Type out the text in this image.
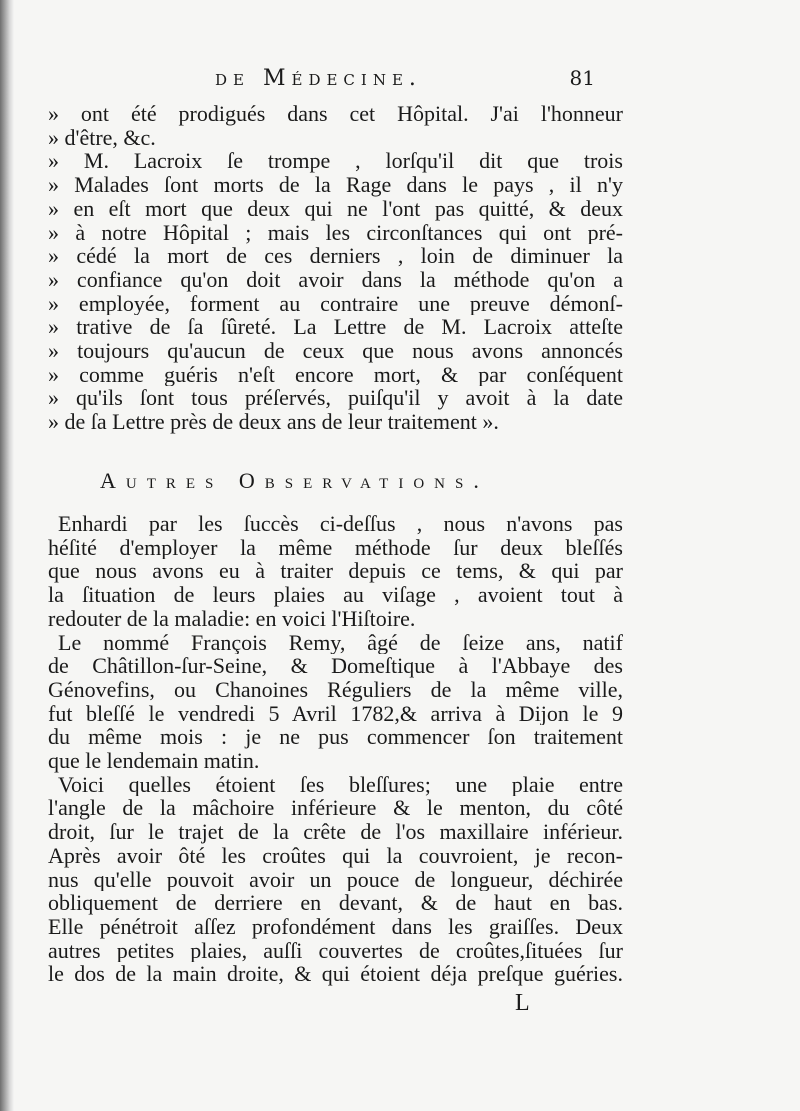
de Médecine.	81
» ont été prodigués dans cet Hôpital. J'ai l'honneur
» d'être, &c.
» M. Lacroix ſe trompe , lorſqu'il dit que trois
» Malades ſont morts de la Rage dans le pays , il n'y
» en eſt mort que deux qui ne l'ont pas quitté, & deux
» à notre Hôpital ; mais les circonſtances qui ont pré-
» cédé la mort de ces derniers , loin de diminuer la
» confiance qu'on doit avoir dans la méthode qu'on a
» employée, forment au contraire une preuve démonſ-
» trative de ſa ſûreté. La Lettre de M. Lacroix atteſte
» toujours qu'aucun de ceux que nous avons annoncés
» comme guéris n'eſt encore mort, & par conſéquent
» qu'ils ſont tous préſervés, puiſqu'il y avoit à la date
» de ſa Lettre près de deux ans de leur traitement ».
Autres Observations.
Enhardi par les ſuccès ci-deſſus , nous n'avons pas
héſité d'employer la même méthode ſur deux bleſſés
que nous avons eu à traiter depuis ce tems, & qui par
la ſituation de leurs plaies au viſage , avoient tout à
redouter de la maladie: en voici l'Hiſtoire.
Le nommé François Remy, âgé de ſeize ans, natif
de Châtillon-ſur-Seine, & Domeſtique à l'Abbaye des
Génovefins, ou Chanoines Réguliers de la même ville,
fut bleſſé le vendredi 5 Avril 1782,& arriva à Dijon le 9
du même mois : je ne pus commencer ſon traitement
que le lendemain matin.
Voici quelles étoient ſes bleſſures; une plaie entre
l'angle de la mâchoire inférieure & le menton, du côté
droit, ſur le trajet de la crête de l'os maxillaire inférieur.
Après avoir ôté les croûtes qui la couvroient, je recon-
nus qu'elle pouvoit avoir un pouce de longueur, déchirée
obliquement de derriere en devant, & de haut en bas.
Elle pénétroit aſſez profondément dans les graiſſes. Deux
autres petites plaies, auſſi couvertes de croûtes,ſituées ſur
le dos de la main droite, & qui étoient déja preſque guéries.
L
